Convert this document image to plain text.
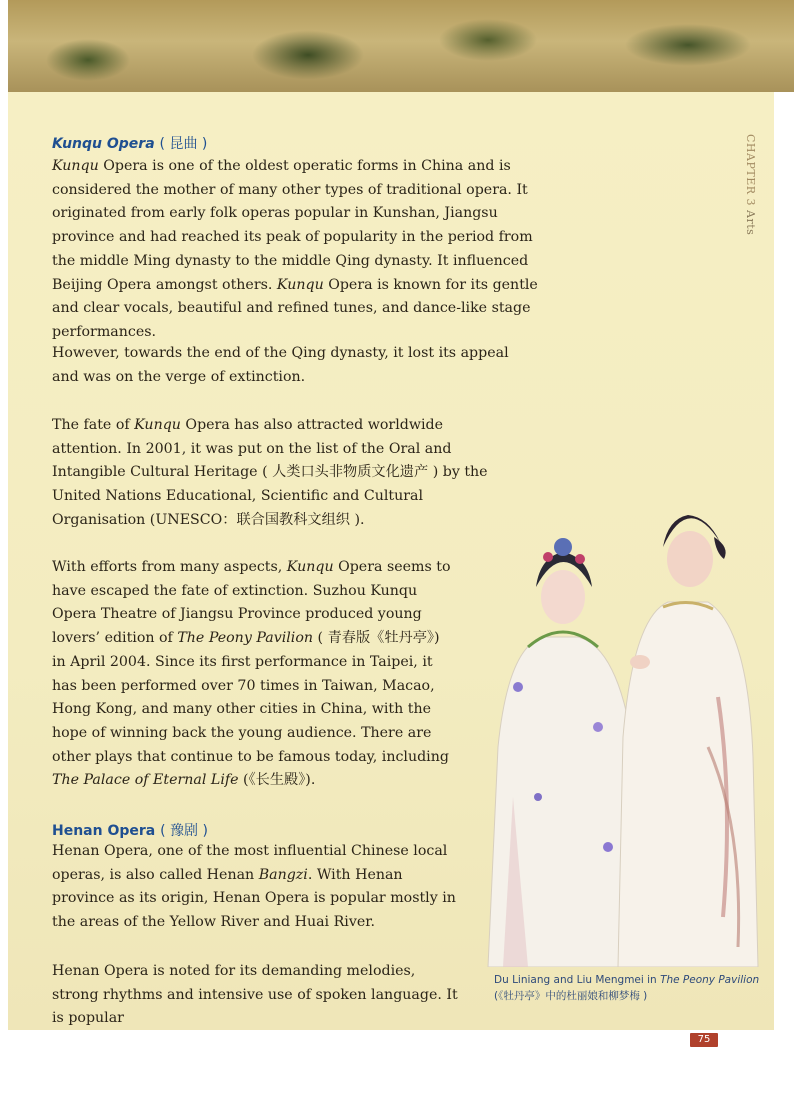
CHAPTER 3 Arts
Kunqu Opera ( 昆曲 )

Kunqu Opera is one of the oldest operatic forms in China and is considered the mother of many other types of traditional opera. It originated from early folk operas popular in Kunshan, Jiangsu province and had reached its peak of popularity in the period from the middle Ming dynasty to the middle Qing dynasty. It influenced Beijing Opera amongst others. Kunqu Opera is known for its gentle and clear vocals, beautiful and refined tunes, and dance-like stage performances.

However, towards the end of the Qing dynasty, it lost its appeal and was on the verge of extinction.

The fate of Kunqu Opera has also attracted worldwide attention. In 2001, it was put on the list of the Oral and Intangible Cultural Heritage ( 人类口头非物质文化遗产 ) by the United Nations Educational, Scientific and Cultural Organisation (UNESCO：联合国教科文组织 ).

With efforts from many aspects, Kunqu Opera seems to have escaped the fate of extinction. Suzhou Kunqu Opera Theatre of Jiangsu Province produced young lovers’ edition of The Peony Pavilion ( 青春版《牡丹亭》) in April 2004. Since its first performance in Taipei, it has been performed over 70 times in Taiwan, Macao, Hong Kong, and many other cities in China, with the hope of winning back the young audience. There are other plays that continue to be famous today, including The Palace of Eternal Life (《长生殿》).

Henan Opera ( 豫剧 )

Henan Opera, one of the most influential Chinese local operas, is also called Henan Bangzi. With Henan province as its origin, Henan Opera is popular mostly in the areas of the Yellow River and Huai River.

Henan Opera is noted for its demanding melodies, strong rhythms and intensive use of spoken language. It is popular

Du Liniang and Liu Mengmei in The Peony Pavilion
(《牡丹亭》中的杜丽娘和柳梦梅 )
75
